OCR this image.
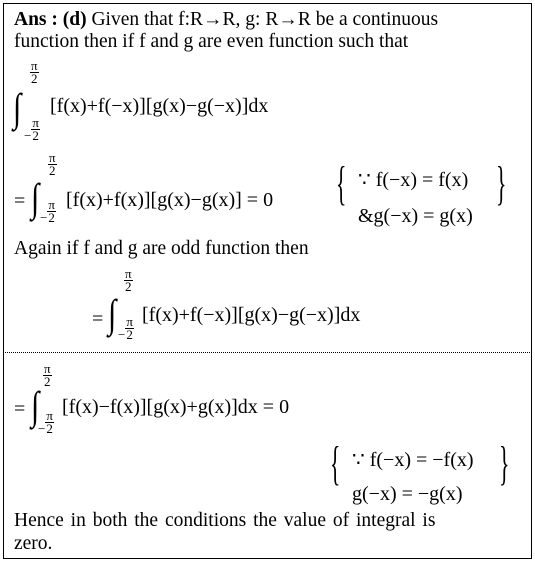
Ans : (d) Given that f:R→R, g: R→R be a continuous
function then if f and g are even function such that
$\frac{\pi}{2}$
∫
− $\frac{\pi}{2}$
[f(x)+f(−x)][g(x)−g(−x)]dx
=
$\frac{\pi}{2}$
∫ − $\frac{\pi}{2} [f(x)+f(x)][g(x)-g(x)] = 0$ { ∵ f(−x) = f(x)
&g(−x) = g(x)
}
Again if f and g are odd function then
=
$\frac{\pi}{2}$
∫ − $\frac{\pi}{2}$
[f(x)+f(−x)][g(x)−g(−x)]dx
=
$\frac{\pi}{2}$
∫
− $\frac{\pi}{2}$
[f(x)−f(x)][g(x)+g(x)]dx = 0
{ ∵ f(−x) = −f(x)
g(−x) = −g(x)
}
Hence in both the conditions the value of integral is
zero.
